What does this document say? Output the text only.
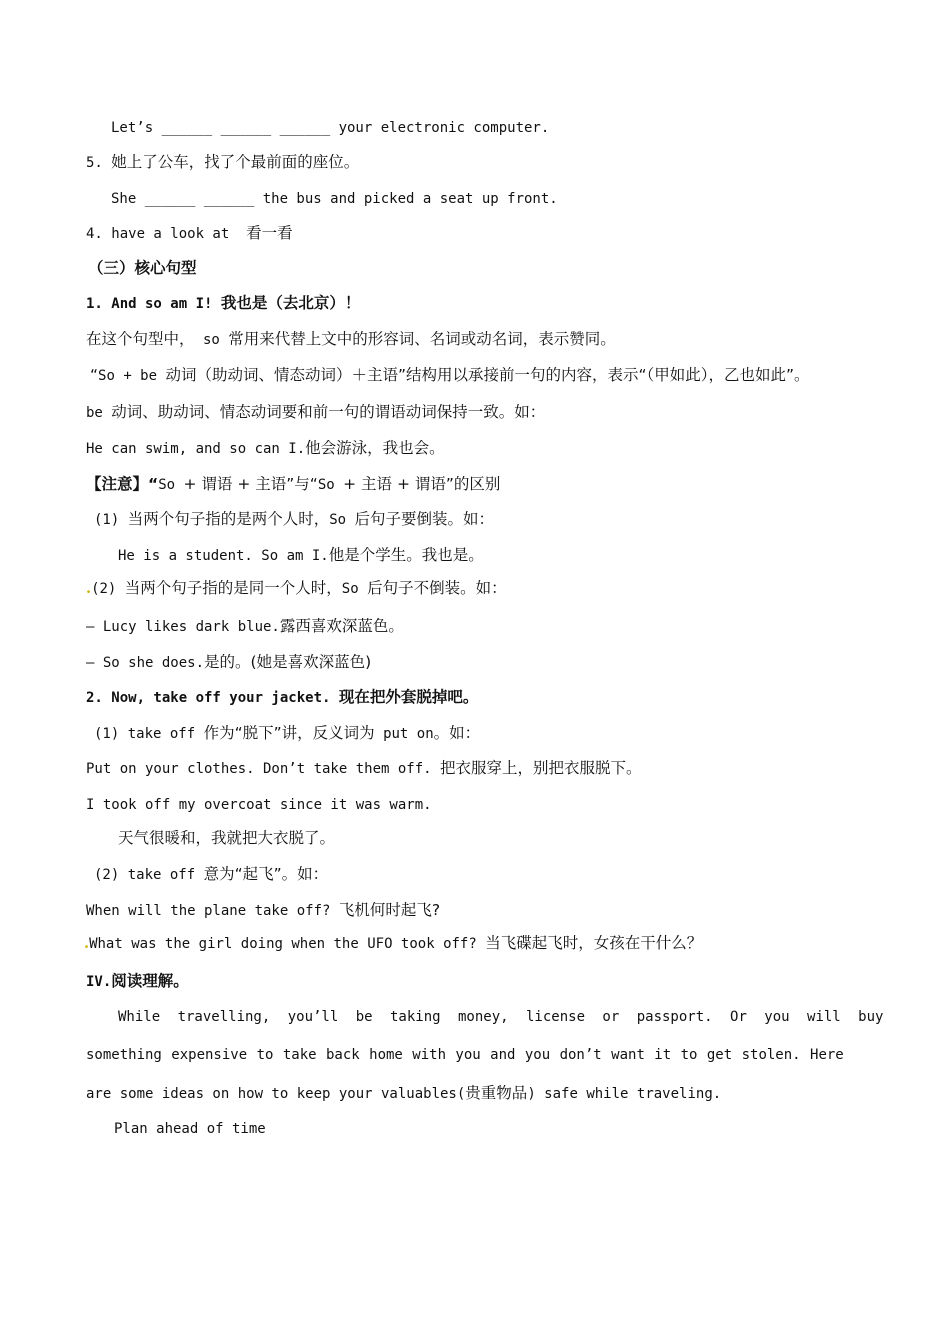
Let’s ______ ______ ______ your electronic computer.
5. 她上了公车，找了个最前面的座位。
She ______ ______ the bus and picked a seat up front.
4. have a look at  看一看
（三）核心句型
1. And so am I! 我也是（去北京）！
在这个句型中， so 常用来代替上文中的形容词、名词或动名词，表示赞同。
“So + be 动词（助动词、情态动词）＋主语”结构用以承接前一句的内容，表示“（甲如此），乙也如此”。
be 动词、助动词、情态动词要和前一句的谓语动词保持一致。如：
He can swim, and so can I.他会游泳，我也会。
【注意】“So + 谓语 + 主语”与“So + 主语 + 谓语”的区别
(1) 当两个句子指的是两个人时，So 后句子要倒装。如：
He is a student. So am I.他是个学生。我也是。
.(2) 当两个句子指的是同一个人时，So 后句子不倒装。如：
— Lucy likes dark blue.露西喜欢深蓝色。
— So she does.是的。(她是喜欢深蓝色)
2. Now, take off your jacket. 现在把外套脱掉吧。
(1) take off 作为“脱下”讲，反义词为 put on。如：
Put on your clothes. Don’t take them off. 把衣服穿上，别把衣服脱下。
I took off my overcoat since it was warm.
天气很暖和，我就把大衣脱了。
(2) take off 意为“起飞”。如：
When will the plane take off? 飞机何时起飞?
.What was the girl doing when the UFO took off? 当飞碟起飞时，女孩在干什么？
IV.阅读理解。
While travelling, you’ll be taking money, license or passport. Or you will buy
something expensive to take back home with you and you don’t want it to get stolen. Here
are some ideas on how to keep your valuables(贵重物品) safe while traveling.
Plan ahead of time
